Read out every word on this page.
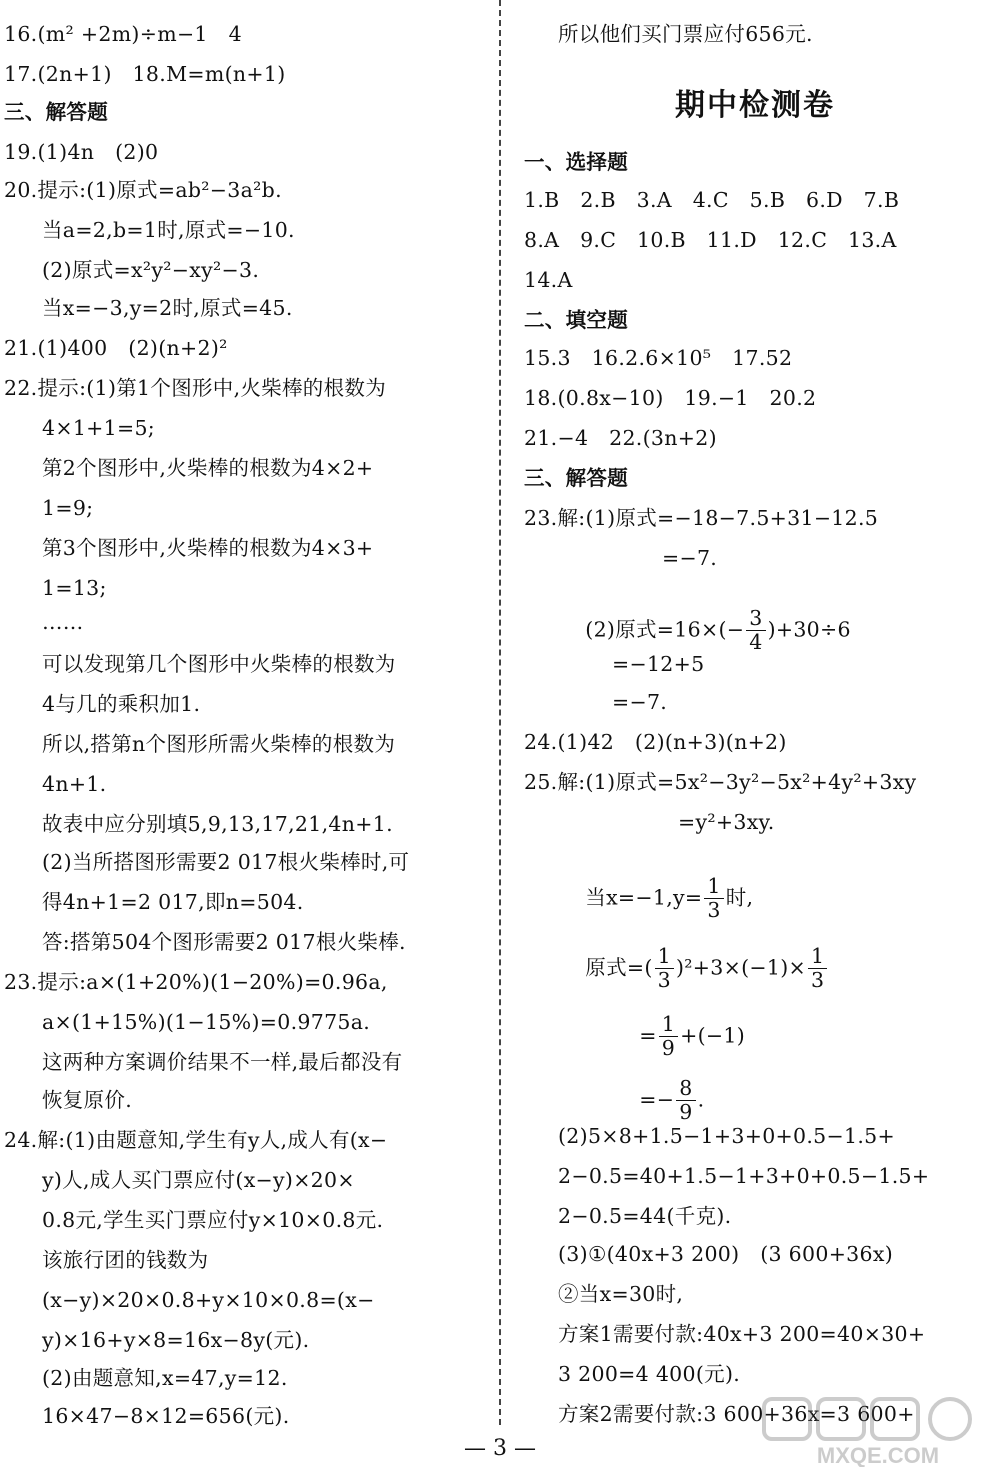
16.(m² +2m)÷m−1　4
17.(2n+1)　18.M=m(n+1)
三、解答题
19.(1)4n　(2)0
20.提示:(1)原式=ab²−3a²b.
当a=2,b=1时,原式=−10.
(2)原式=x²y²−xy²−3.
当x=−3,y=2时,原式=45.
21.(1)400　(2)(n+2)²
22.提示:(1)第1个图形中,火柴棒的根数为
4×1+1=5;
第2个图形中,火柴棒的根数为4×2+
1=9;
第3个图形中,火柴棒的根数为4×3+
1=13;
……
可以发现第几个图形中火柴棒的根数为
4与几的乘积加1.
所以,搭第n个图形所需火柴棒的根数为
4n+1.
故表中应分别填5,9,13,17,21,4n+1.
(2)当所搭图形需要2 017根火柴棒时,可
得4n+1=2 017,即n=504.
答:搭第504个图形需要2 017根火柴棒.
23.提示:a×(1+20%)(1−20%)=0.96a,
a×(1+15%)(1−15%)=0.9775a.
这两种方案调价结果不一样,最后都没有
恢复原价.
24.解:(1)由题意知,学生有y人,成人有(x−
y)人,成人买门票应付(x−y)×20×
0.8元,学生买门票应付y×10×0.8元.
该旅行团的钱数为
(x−y)×20×0.8+y×10×0.8=(x−
y)×16+y×8=16x−8y(元).
(2)由题意知,x=47,y=12.
16×47−8×12=656(元).
所以他们买门票应付656元.
期中检测卷
一、选择题
1.B　2.B　3.A　4.C　5.B　6.D　7.B
8.A　9.C　10.B　11.D　12.C　13.A
14.A
二、填空题
15.3　16.2.6×10⁵　17.52
18.(0.8x−10)　19.−1　20.2
21.−4　22.(3n+2)
三、解答题
23.解:(1)原式=−18−7.5+31−12.5
=−7.

(2)原式$=16\times(- \frac{3}{4} )+30\div 6$

=−12+5
=−7.
24.(1)42　(2)(n+3)(n+2)
25.解:(1)原式=5x²−3y²−5x²+4y²+3xy
=y²+3xy.

当$x=-1,y= \frac{1}{3}$ 时,

原式=( $\frac{1}{3} )^2+3\times(-1)\times \frac{1}{3}$

= $\frac{1}{9} +(-1)$

=− $\frac{8}{9}$ .

(2)5×8+1.5−1+3+0+0.5−1.5+
2−0.5=40+1.5−1+3+0+0.5−1.5+
2−0.5=44(千克).
(3)①(40x+3 200)　(3 600+36x)
②当x=30时,
方案1需要付款:40x+3 200=40×30+
3 200=4 400(元).
方案2需要付款:3 600+36x=3 600+
— 3 —	MXQE.COM
